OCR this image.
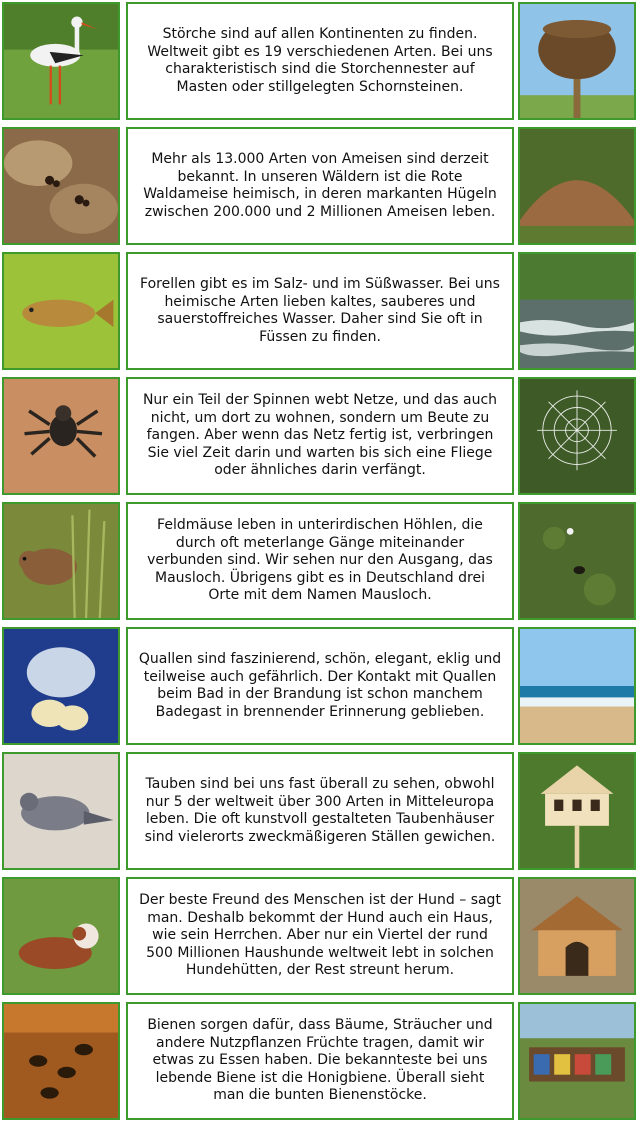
Störche sind auf allen Kontinenten zu finden. Weltweit gibt es 19 verschiedenen Arten. Bei uns charakteristisch sind die Storchennester auf Masten oder stillgelegten Schornsteinen.

Mehr als 13.000 Arten von Ameisen sind derzeit bekannt. In unseren Wäldern ist die Rote Waldameise heimisch, in deren markanten Hügeln zwischen 200.000 und 2 Millionen Ameisen leben.

Forellen gibt es im Salz- und im Süßwasser. Bei uns heimische Arten lieben kaltes, sauberes und sauerstoffreiches Wasser. Daher sind Sie oft in Füssen zu finden.

Nur ein Teil der Spinnen webt Netze, und das auch nicht, um dort zu wohnen, sondern um Beute zu fangen. Aber wenn das Netz fertig ist, verbringen Sie viel Zeit darin und warten bis sich eine Fliege oder ähnliches darin verfängt.

Feldmäuse leben in unterirdischen Höhlen, die durch oft meterlange Gänge miteinander verbunden sind. Wir sehen nur den Ausgang, das Mausloch. Übrigens gibt es in Deutschland drei Orte mit dem Namen Mausloch.

Quallen sind faszinierend, schön, elegant, eklig und teilweise auch gefährlich. Der Kontakt mit Quallen beim Bad in der Brandung ist schon manchem Badegast in brennender Erinnerung geblieben.

Tauben sind bei uns fast überall zu sehen, obwohl nur 5 der weltweit über 300 Arten in Mitteleuropa leben. Die oft kunstvoll gestalteten Taubenhäuser sind vielerorts zweckmäßigeren Ställen gewichen.

Der beste Freund des Menschen ist der Hund – sagt man. Deshalb bekommt der Hund auch ein Haus, wie sein Herrchen. Aber nur ein Viertel der rund 500 Millionen Haushunde weltweit lebt in solchen Hundehütten, der Rest streunt herum.

Bienen sorgen dafür, dass Bäume, Sträucher und andere Nutzpflanzen Früchte tragen, damit wir etwas zu Essen haben. Die bekannteste bei uns lebende Biene ist die Honigbiene. Überall sieht man die bunten Bienenstöcke.
